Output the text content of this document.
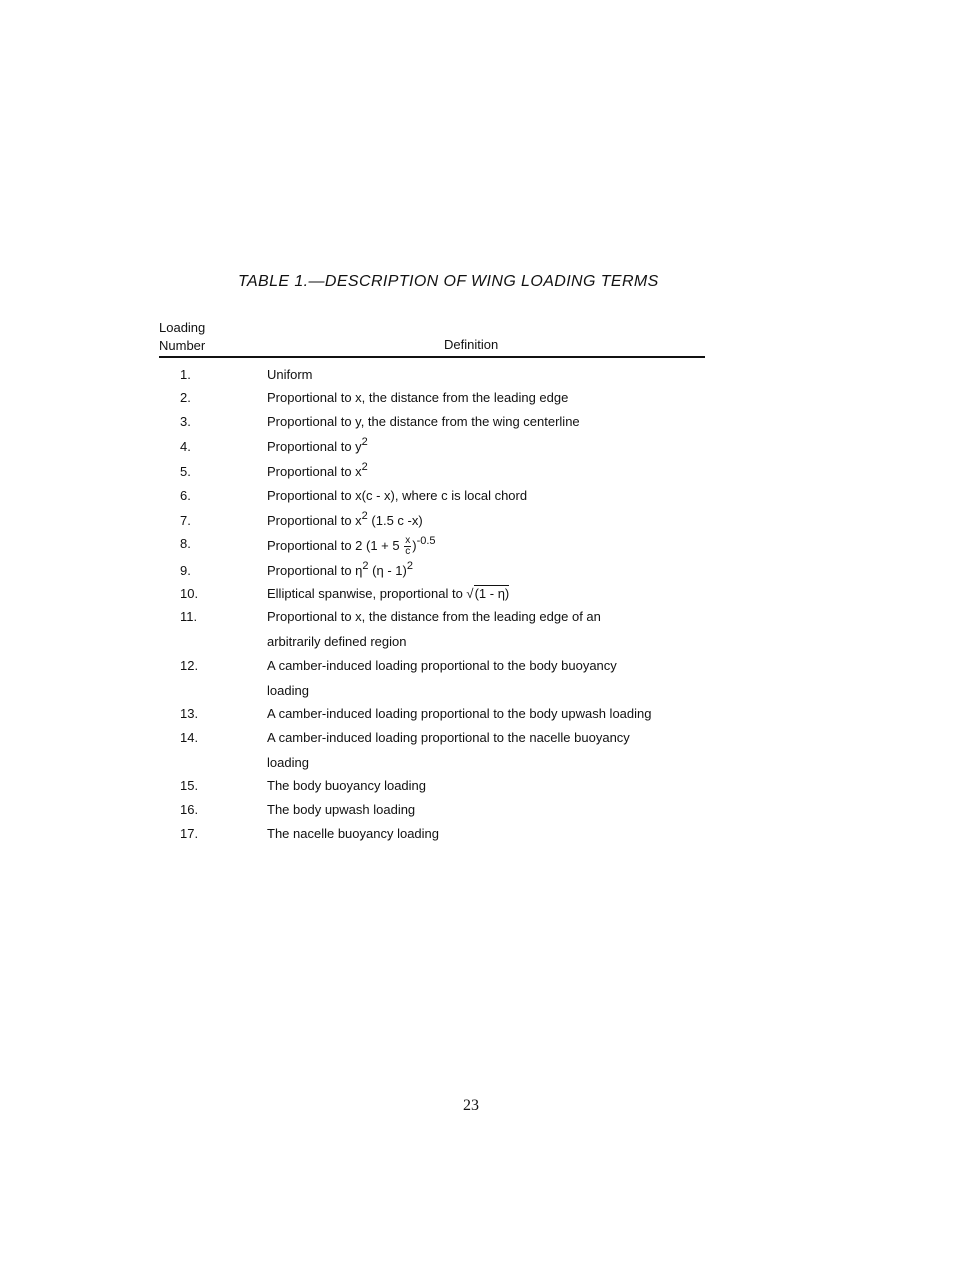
TABLE 1.—DESCRIPTION OF WING LOADING TERMS
Loading
Number	Definition
1.	Uniform
2.	Proportional to x, the distance from the leading edge
3.	Proportional to y, the distance from the wing centerline
4.	Proportional to $y^2$
5.	Proportional to $x^2$
6.	Proportional to x(c - x), where c is local chord
7.	Proportional to $x^2$ (1.5 c -x)
8.	Proportional to 2 $(1 + 5 \frac{x}{c} )^{-0.5}$
9.	Proportional to $\eta^2$ (η - 1)$^2$
10.	Elliptical spanwise, proportional to √(1 - η)
11.	Proportional to x, the distance from the leading edge of an
arbitrarily defined region
12.	A camber-induced loading proportional to the body buoyancy
loading
13.	A camber-induced loading proportional to the body upwash loading
14.	A camber-induced loading proportional to the nacelle buoyancy
loading
15.	The body buoyancy loading
16.	The body upwash loading
17.	The nacelle buoyancy loading
23
